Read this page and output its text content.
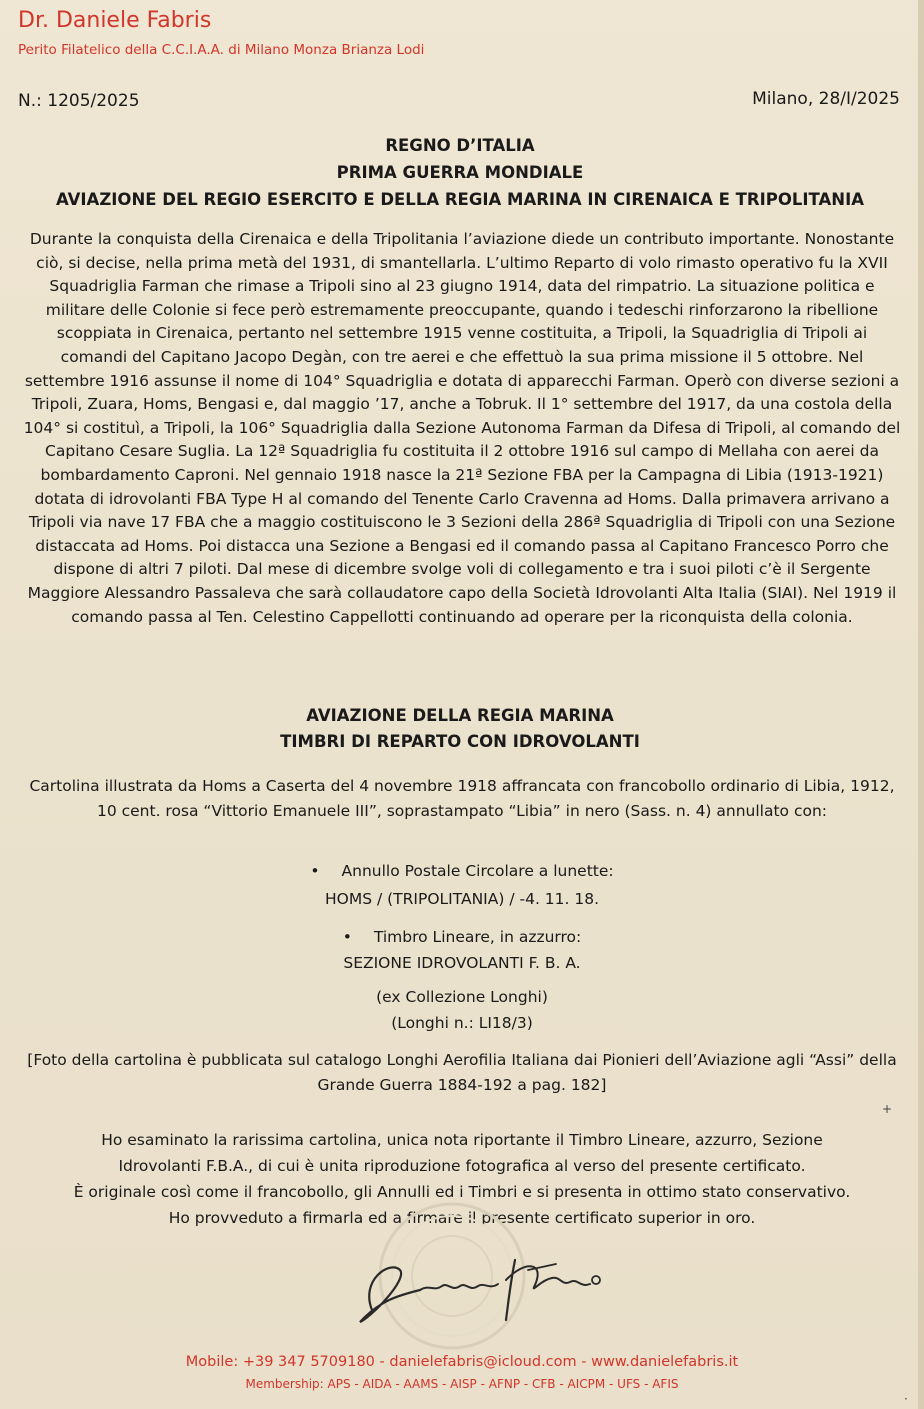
Dr. Daniele Fabris
Perito Filatelico della C.C.I.A.A. di Milano Monza Brianza Lodi
N.: 1205/2025	Milano, 28/I/2025
REGNO D’ITALIA
PRIMA GUERRA MONDIALE
AVIAZIONE DEL REGIO ESERCITO E DELLA REGIA MARINA IN CIRENAICA E TRIPOLITANIA
Durante la conquista della Cirenaica e della Tripolitania l’aviazione diede un contributo importante. Nonostante ciò, si decise, nella prima metà del 1931, di smantellarla. L’ultimo Reparto di volo rimasto operativo fu la XVII Squadriglia Farman che rimase a Tripoli sino al 23 giugno 1914, data del rimpatrio. La situazione politica e militare delle Colonie si fece però estremamente preoccupante, quando i tedeschi rinforzarono la ribellione scoppiata in Cirenaica, pertanto nel settembre 1915 venne costituita, a Tripoli, la Squadriglia di Tripoli ai comandi del Capitano Jacopo Degàn, con tre aerei e che effettuò la sua prima missione il 5 ottobre. Nel settembre 1916 assunse il nome di 104° Squadriglia e dotata di apparecchi Farman. Operò con diverse sezioni a Tripoli, Zuara, Homs, Bengasi e, dal maggio ’17, anche a Tobruk. Il 1° settembre del 1917, da una costola della 104° si costituì, a Tripoli, la 106° Squadriglia dalla Sezione Autonoma Farman da Difesa di Tripoli, al comando del Capitano Cesare Suglia. La 12ª Squadriglia fu costituita il 2 ottobre 1916 sul campo di Mellaha con aerei da bombardamento Caproni. Nel gennaio 1918 nasce la 21ª Sezione FBA per la Campagna di Libia (1913-1921) dotata di idrovolanti FBA Type H al comando del Tenente Carlo Cravenna ad Homs. Dalla primavera arrivano a Tripoli via nave 17 FBA che a maggio costituiscono le 3 Sezioni della 286ª Squadriglia di Tripoli con una Sezione distaccata ad Homs. Poi distacca una Sezione a Bengasi ed il comando passa al Capitano Francesco Porro che dispone di altri 7 piloti. Dal mese di dicembre svolge voli di collegamento e tra i suoi piloti c’è il Sergente Maggiore Alessandro Passaleva che sarà collaudatore capo della Società Idrovolanti Alta Italia (SIAI). Nel 1919 il comando passa al Ten. Celestino Cappellotti continuando ad operare per la riconquista della colonia.
AVIAZIONE DELLA REGIA MARINA
TIMBRI DI REPARTO CON IDROVOLANTI
Cartolina illustrata da Homs a Caserta del 4 novembre 1918 affrancata con francobollo ordinario di Libia, 1912, 10 cent. rosa “Vittorio Emanuele III”, soprastampato “Libia” in nero (Sass. n. 4) annullato con:
• Annullo Postale Circolare a lunette:
HOMS / (TRIPOLITANIA) / -4. 11. 18.
• Timbro Lineare, in azzurro:
SEZIONE IDROVOLANTI F. B. A.
(ex Collezione Longhi)
(Longhi n.: LI18/3)
[Foto della cartolina è pubblicata sul catalogo Longhi Aerofilia Italiana dai Pionieri dell’Aviazione agli “Assi” della Grande Guerra 1884-192 a pag. 182]
Ho esaminato la rarissima cartolina, unica nota riportante il Timbro Lineare, azzurro, Sezione
Idrovolanti F.B.A., di cui è unita riproduzione fotografica al verso del presente certificato.
È originale così come il francobollo, gli Annulli ed i Timbri e si presenta in ottimo stato conservativo.
Ho provveduto a firmarla ed a firmare il presente certificato superior in oro.
Mobile: +39 347 5709180 - danielefabris@icloud.com - www.danielefabris.it
Membership: APS - AIDA - AAMS - AISP - AFNP - CFB - AICPM - UFS - AFIS
+
·
